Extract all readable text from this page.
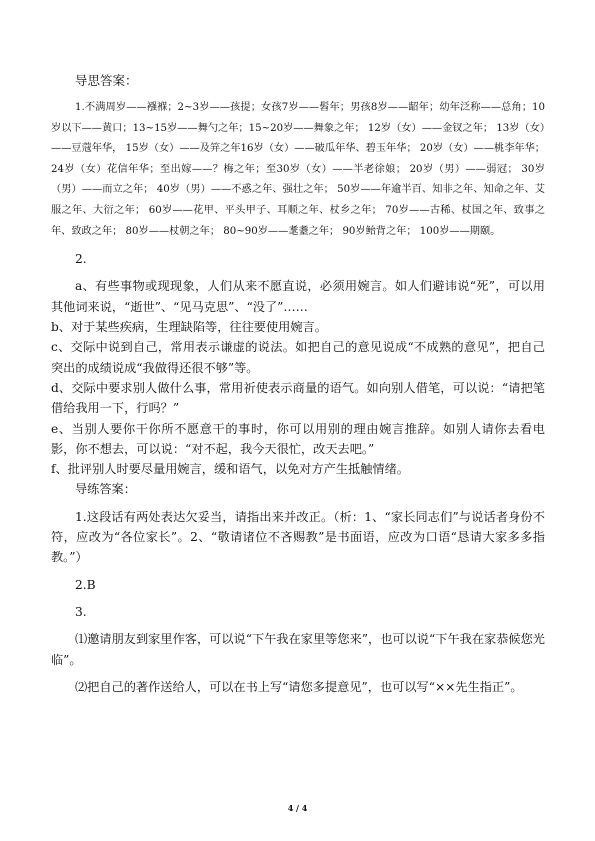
导思答案：

1.不满周岁——襁褓；2~3岁——孩提；女孩7岁——髫年；男孩8岁——龆年；幼年泛称——总角；10岁以下——黄口；13~15岁——舞勺之年；15~20岁——舞象之年； 12岁（女）——金钗之年； 13岁（女）——豆蔻年华， 15岁（女）——及笄之年16岁（女）——破瓜年华、碧玉年华； 20岁（女）——桃李年华； 24岁（女）花信年华；至出嫁——？梅之年；至30岁（女）——半老徐娘； 20岁（男）——弱冠； 30岁（男）——而立之年； 40岁（男）——不惑之年、强壮之年； 50岁——年逾半百、知非之年、知命之年、艾服之年、大衍之年； 60岁——花甲、平头甲子、耳顺之年、杖乡之年； 70岁——古稀、杖国之年、致事之年、致政之年； 80岁——杖朝之年； 80~90岁——耄耋之年； 90岁鲐背之年； 100岁——期颐。

2.

a、有些事物或现现象，人们从来不愿直说，必须用婉言。如人们避讳说“死”，可以用其他词来说，“逝世”、“见马克思”、“没了”……

b、对于某些疾病，生理缺陷等，往往要使用婉言。

c、交际中说到自己，常用表示谦虚的说法。如把自己的意见说成“不成熟的意见”，把自己突出的成绩说成“我做得还很不够”等。

d、交际中要求别人做什么事，常用祈使表示商量的语气。如向别人借笔，可以说：“请把笔借给我用一下，行吗？”

e、当别人要你干你所不愿意干的事时，你可以用别的理由婉言推辞。如别人请你去看电影，你不想去，可以说：“对不起，我今天很忙，改天去吧。”

f、批评别人时要尽量用婉言，缓和语气，以免对方产生抵触情绪。

导练答案：

1.这段话有两处表达欠妥当，请指出来并改正。（析：1、“家长同志们”与说话者身份不符，应改为“各位家长”。2、“敬请诸位不吝赐教”是书面语，应改为口语“恳请大家多多指教。”）

2.B

3.

⑴邀请朋友到家里作客，可以说“下午我在家里等您来”，也可以说“下午我在家恭候您光临”。

⑵把自己的著作送给人，可以在书上写“请您多提意见”，也可以写“××先生指正”。

4 / 4
